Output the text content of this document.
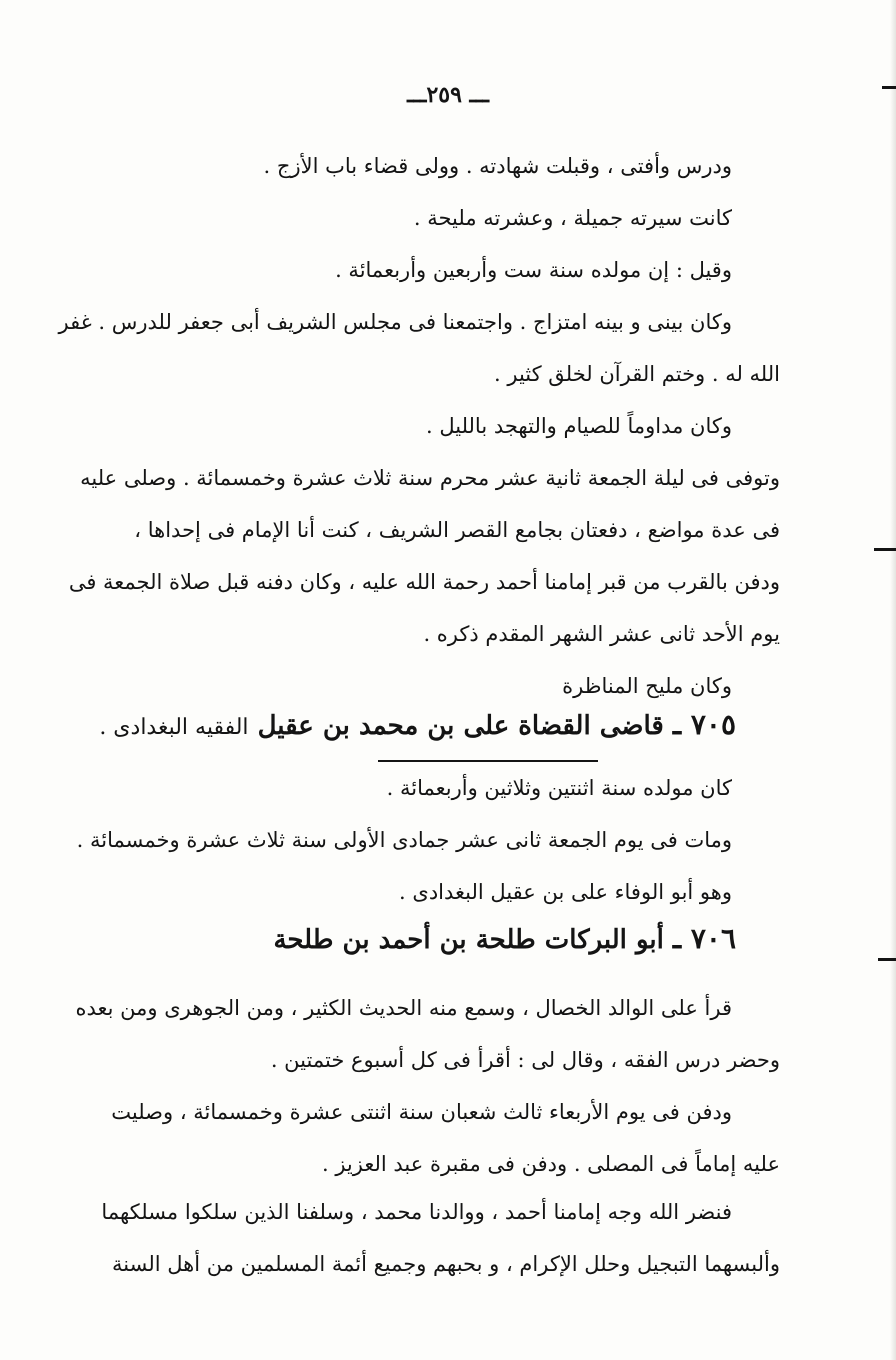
ـــ ٢٥٩ـــ
ودرس وأفتى ، وقبلت شهادته . وولى قضاء باب الأزج .
كانت سيرته جميلة ، وعشرته مليحة .
وقيل : إن مولده سنة ست وأربعين وأربعمائة .
وكان بينى و بينه امتزاج . واجتمعنا فى مجلس الشريف أبى جعفر للدرس . غفر
الله له . وختم القرآن لخلق كثير .
وكان مداوماً للصيام والتهجد بالليل .
وتوفى فى ليلة الجمعة ثانية عشر محرم سنة ثلاث عشرة وخمسمائة . وصلى عليه
فى عدة مواضع ، دفعتان بجامع القصر الشريف ، كنت أنا الإمام فى إحداها ،
ودفن بالقرب من قبر إمامنا أحمد رحمة الله عليه ، وكان دفنه قبل صلاة الجمعة فى
يوم الأحد ثانى عشر الشهر المقدم ذكره .
وكان مليح المناظرة
٧٠٥ ـ قاضى القضاة على بن محمد بن عقيل الفقيه البغدادى .
كان مولده سنة اثنتين وثلاثين وأربعمائة .
ومات فى يوم الجمعة ثانى عشر جمادى الأولى سنة ثلاث عشرة وخمسمائة .
وهو أبو الوفاء على بن عقيل البغدادى .
٧٠٦ ـ أبو البركات طلحة بن أحمد بن طلحة
قرأ على الوالد الخصال ، وسمع منه الحديث الكثير ، ومن الجوهرى ومن بعده
وحضر درس الفقه ، وقال لى : أقرأ فى كل أسبوع ختمتين .
ودفن فى يوم الأربعاء ثالث شعبان سنة اثنتى عشرة وخمسمائة ، وصليت
عليه إماماً فى المصلى . ودفن فى مقبرة عبد العزيز .
فنضر الله وجه إمامنا أحمد ، ووالدنا محمد ، وسلفنا الذين سلكوا مسلكهما
وألبسهما التبجيل وحلل الإكرام ، و بحبهم وجميع أئمة المسلمين من أهل السنة
